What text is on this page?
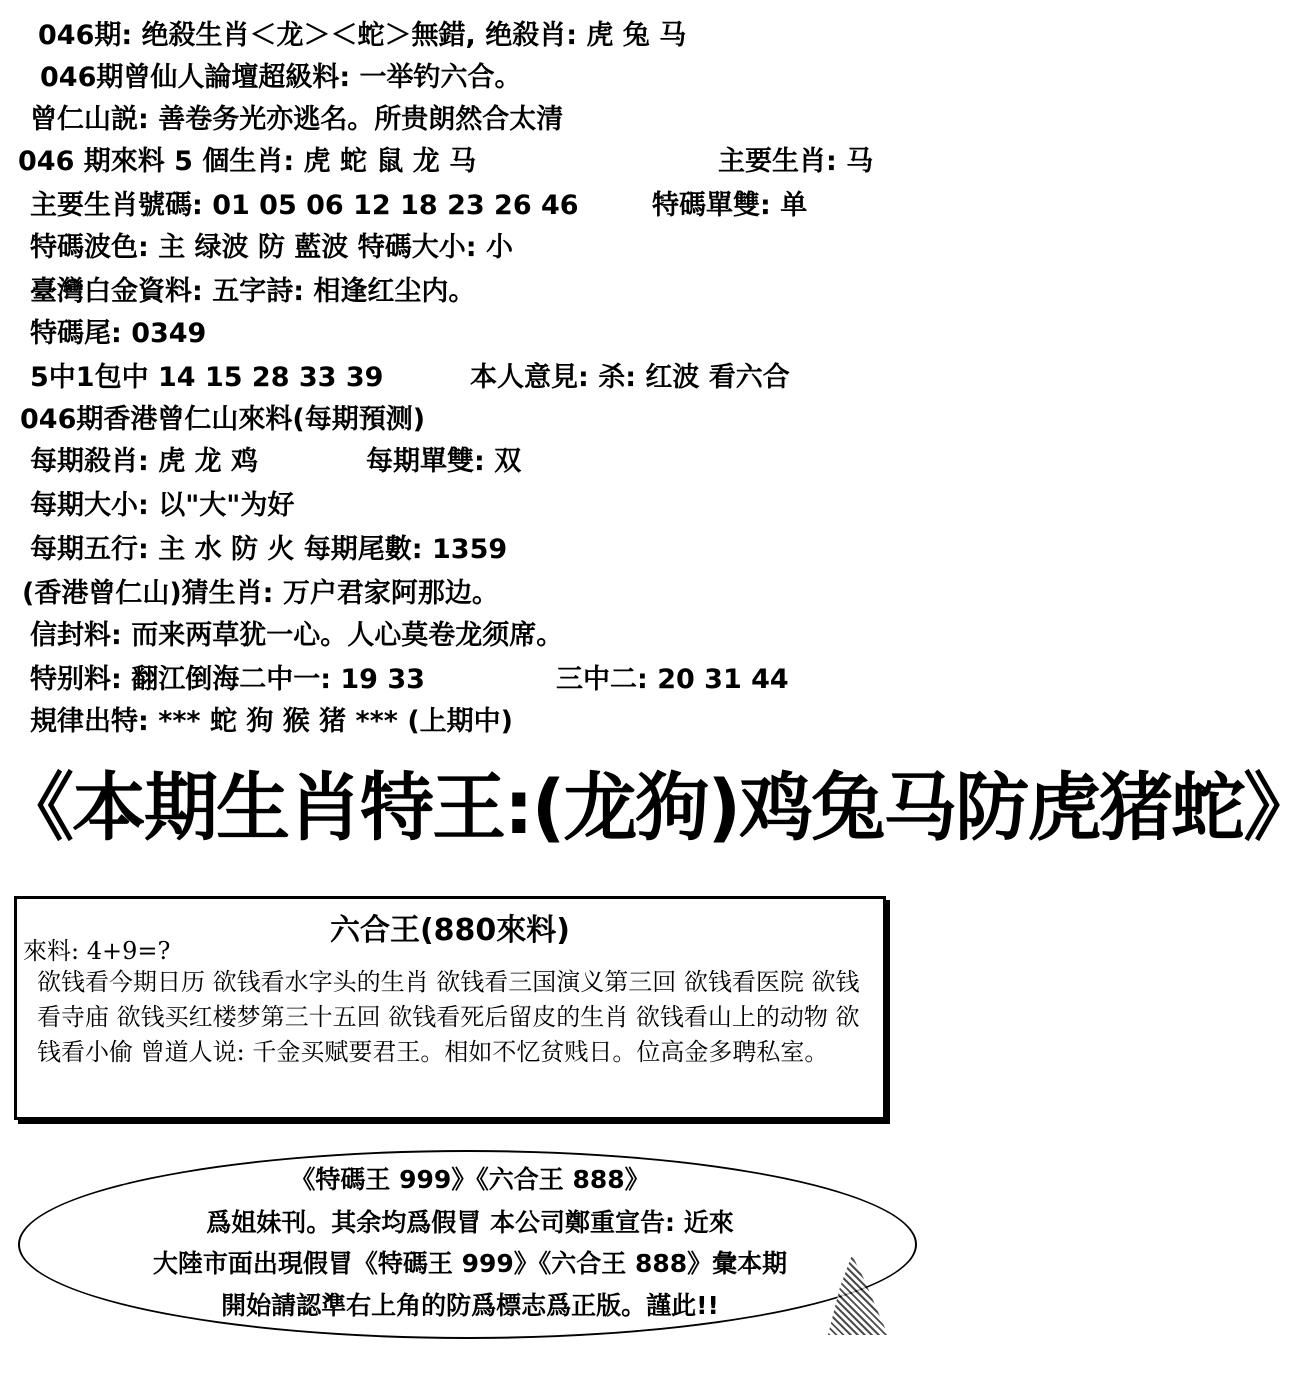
046期: 绝殺生肖＜龙＞＜蛇＞無錯, 绝殺肖: 虎 兔 马
046期曾仙人論壇超級料: 一举钓六合。
曾仁山説: 善卷务光亦逃名。所贵朗然合太清
046 期來料 5 個生肖: 虎 蛇 鼠 龙 马	主要生肖: 马
主要生肖號碼: 01 05 06 12 18 23 26 46	特碼單雙: 单
特碼波色: 主 绿波 防 藍波 特碼大小: 小
臺灣白金資料: 五字詩: 相逢红尘内。
特碼尾: 0349
5中1包中 14 15 28 33 39	本人意見: 杀: 红波 看六合
046期香港曾仁山來料(每期預测)
每期殺肖: 虎 龙 鸡	每期單雙: 双
每期大小: 以"大"为好
每期五行: 主 水 防 火 每期尾數: 1359
(香港曾仁山)猜生肖: 万户君家阿那边。
信封料: 而来两草犹一心。人心莫卷龙须席。
特别料: 翻江倒海二中一: 19 33	三中二: 20 31 44
規律出特: *** 蛇 狗 猴 猪 *** (上期中)
《本期生肖特王:(龙狗)鸡兔马防虎猪蛇》
六合王(880來料)
來料: 4+9=?
欲钱看今期日历 欲钱看水字头的生肖 欲钱看三国演义第三回 欲钱看医院 欲钱看寺庙 欲钱买红楼梦第三十五回 欲钱看死后留皮的生肖 欲钱看山上的动物 欲钱看小偷 曾道人说: 千金买赋要君王。相如不忆贫贱日。位高金多聘私室。
《特碼王 999》《六合王 888》
爲姐妹刊。其余均爲假冒 本公司鄭重宣告: 近來
大陸市面出現假冒《特碼王 999》《六合王 888》彙本期
開始請認準右上角的防爲標志爲正版。謹此!!
